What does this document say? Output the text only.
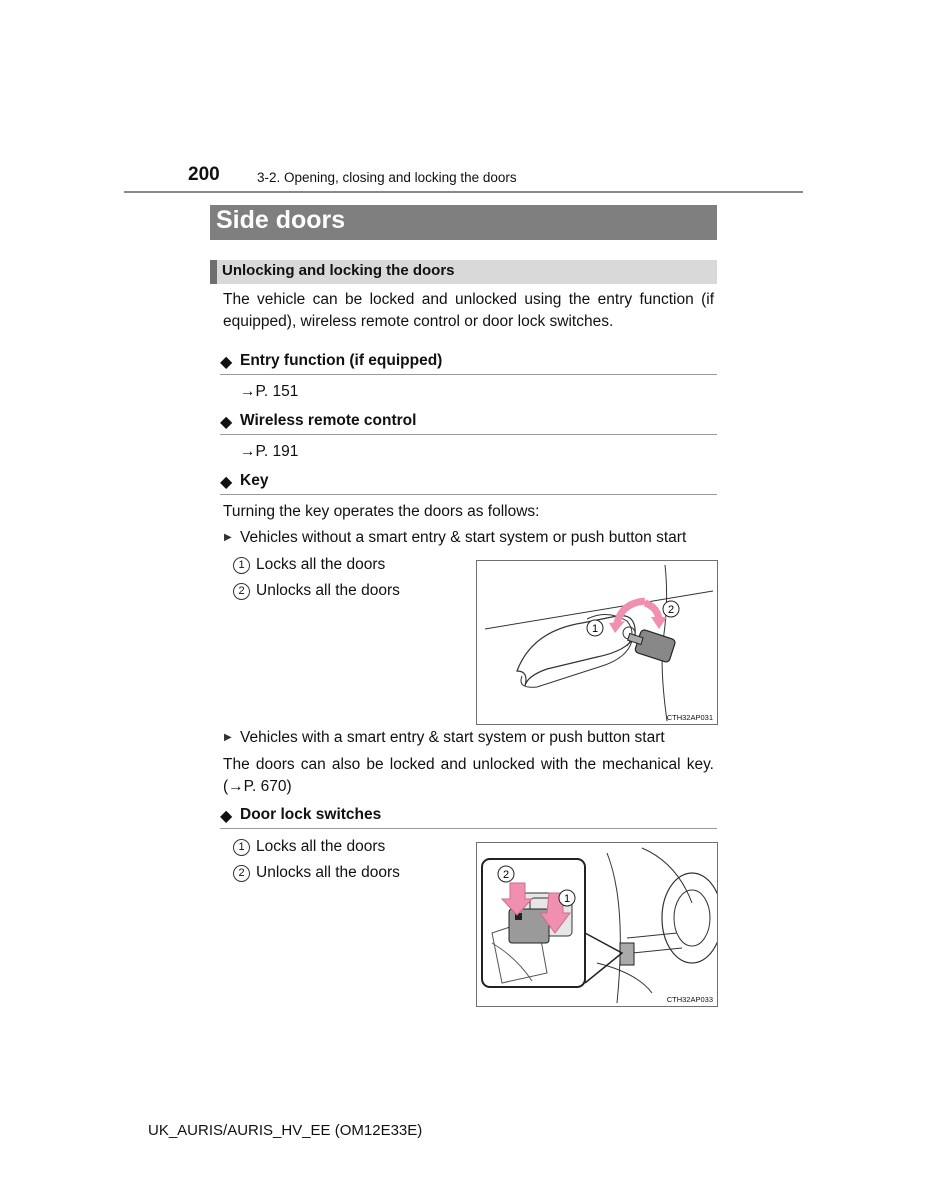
200	3-2. Opening, closing and locking the doors
Side doors
Unlocking and locking the doors
The vehicle can be locked and unlocked using the entry function (if equipped), wireless remote control or door lock switches.
◆ Entry function (if equipped)
→P. 151
◆ Wireless remote control
→P. 191
◆ Key
Turning the key operates the doors as follows:
▶ Vehicles without a smart entry & start system or push button start
1 Locks all the doors
2 Unlocks all the doors
1
2
CTH32AP031
▶ Vehicles with a smart entry & start system or push button start
The doors can also be locked and unlocked with the mechanical key. (→P. 670)
◆ Door lock switches
1 Locks all the doors
2 Unlocks all the doors	2
1
CTH32AP033
UK_AURIS/AURIS_HV_EE (OM12E33E)
